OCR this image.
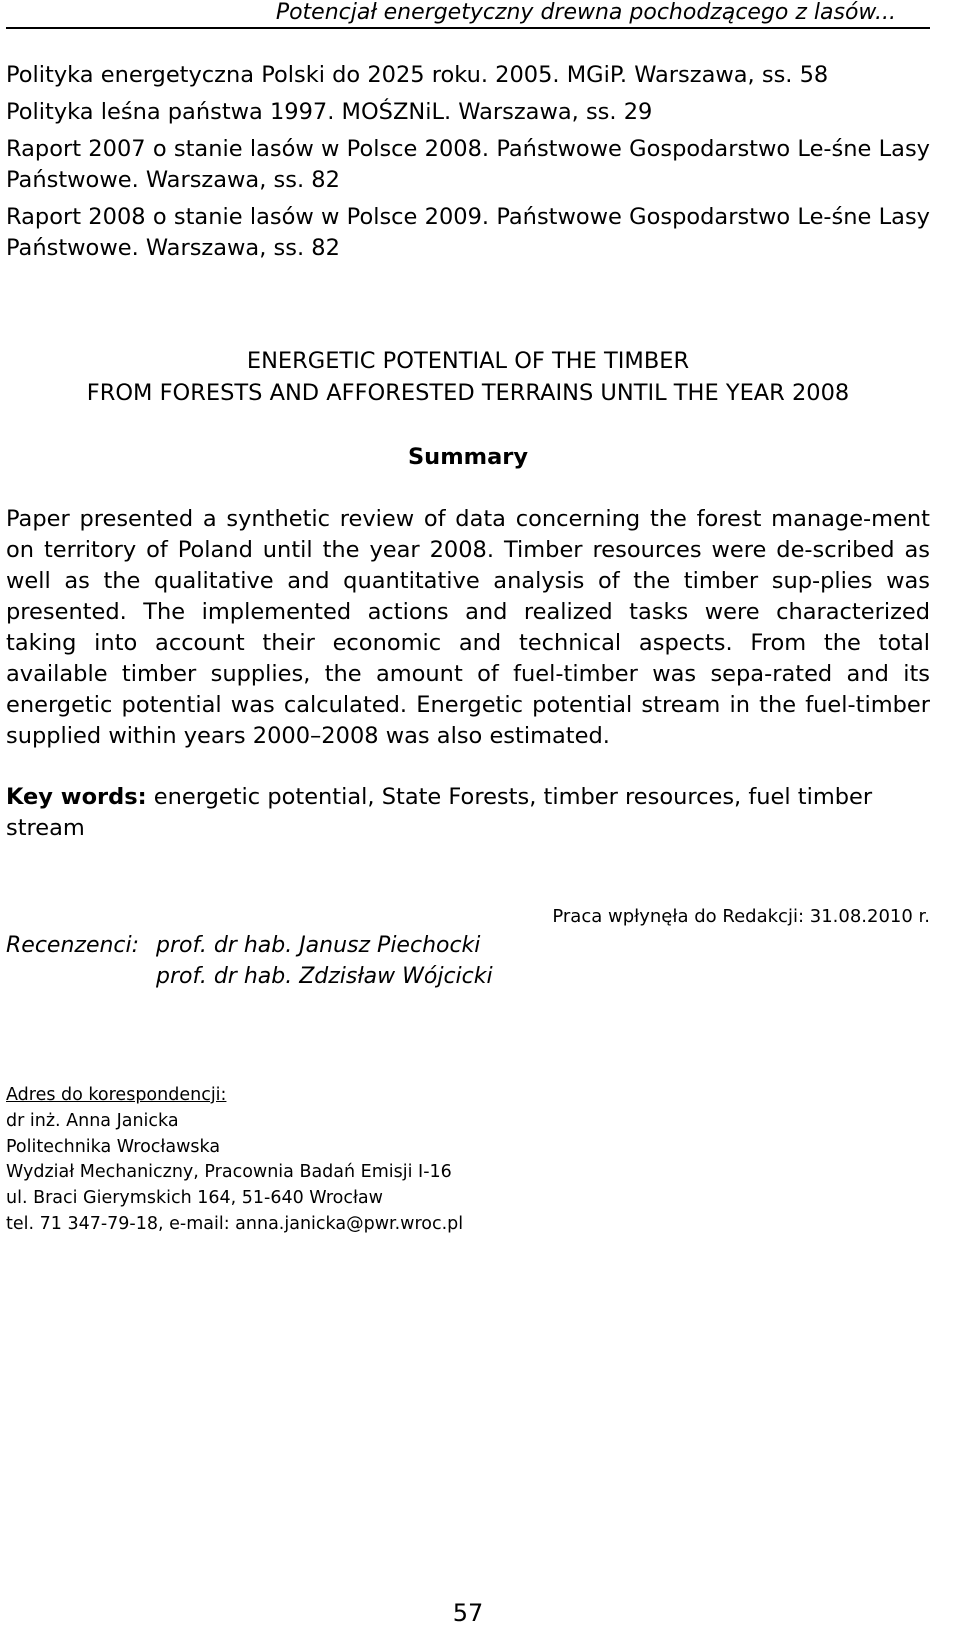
Potencjał energetyczny drewna pochodzącego z lasów...

Polityka energetyczna Polski do 2025 roku. 2005. MGiP. Warszawa, ss. 58

Polityka leśna państwa 1997. MOŚZNiL. Warszawa, ss. 29

Raport 2007 o stanie lasów w Polsce 2008. Państwowe Gospodarstwo Le-śne Lasy Państwowe. Warszawa, ss. 82

Raport 2008 o stanie lasów w Polsce 2009. Państwowe Gospodarstwo Le-śne Lasy Państwowe. Warszawa, ss. 82

ENERGETIC POTENTIAL OF THE TIMBER
FROM FORESTS AND AFFORESTED TERRAINS UNTIL THE YEAR 2008
Summary
Paper presented a synthetic review of data concerning the forest manage-ment on territory of Poland until the year 2008. Timber resources were de-scribed as well as the qualitative and quantitative analysis of the timber sup-plies was presented. The implemented actions and realized tasks were characterized taking into account their economic and technical aspects. From the total available timber supplies, the amount of fuel-timber was sepa-rated and its energetic potential was calculated. Energetic potential stream in the fuel-timber supplied within years 2000–2008 was also estimated.
Key words: energetic potential, State Forests, timber resources, fuel timber stream
Praca wpłynęła do Redakcji: 31.08.2010 r.
Recenzenci: prof. dr hab. Janusz Piechocki
prof. dr hab. Zdzisław Wójcicki
Adres do korespondencji:
dr inż. Anna Janicka
Politechnika Wrocławska
Wydział Mechaniczny, Pracownia Badań Emisji I-16
ul. Braci Gierymskich 164, 51-640 Wrocław
tel. 71 347-79-18, e-mail: anna.janicka@pwr.wroc.pl
57
